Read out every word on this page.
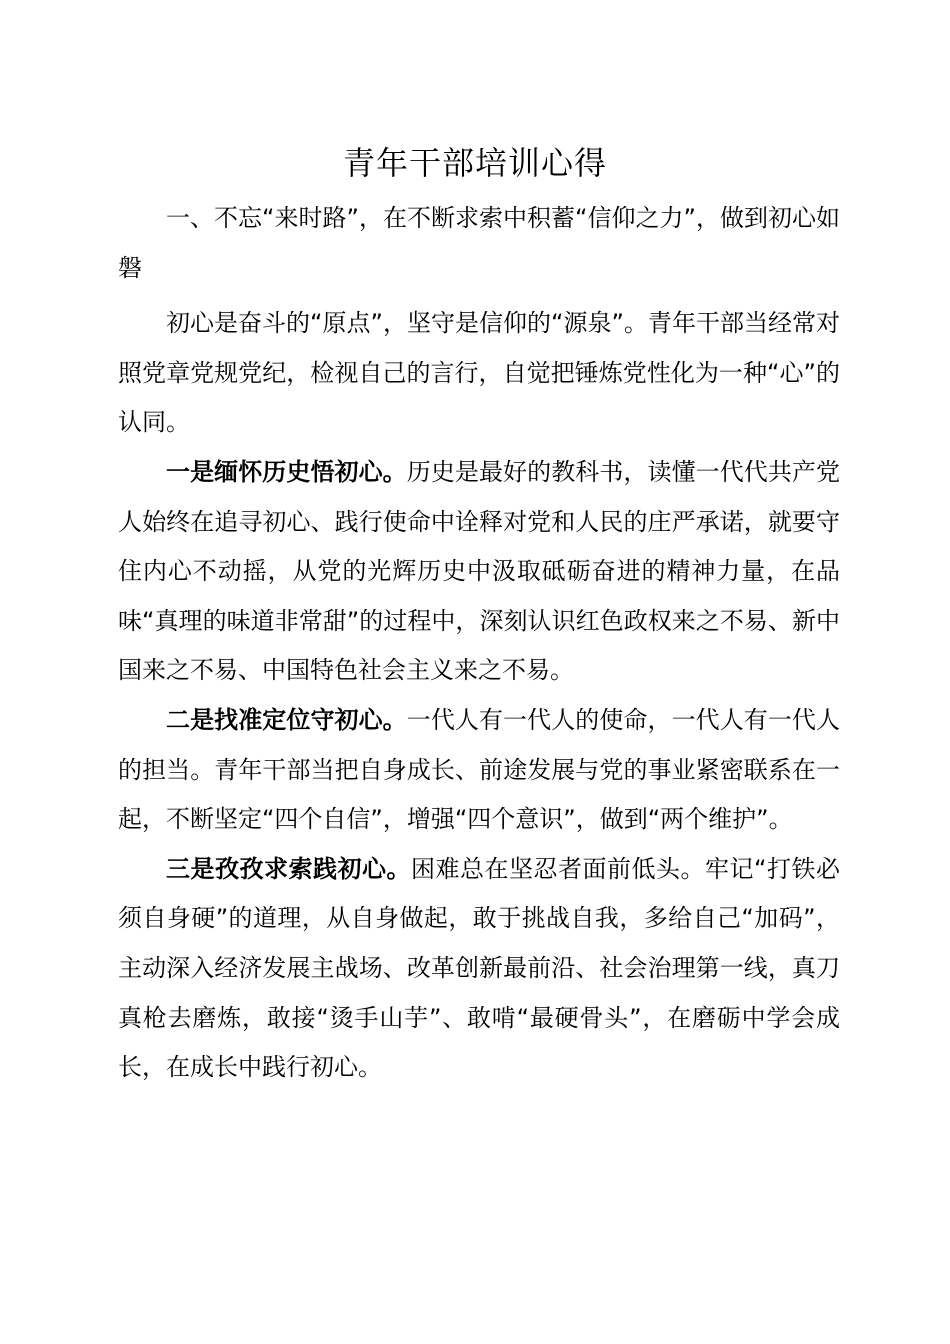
青年干部培训心得

一、不忘“来时路”，在不断求索中积蓄“信仰之力”，做到初心如磐

初心是奋斗的“原点”，坚守是信仰的“源泉”。青年干部当经常对照党章党规党纪，检视自己的言行，自觉把锤炼党性化为一种“心”的认同。

一是缅怀历史悟初心。历史是最好的教科书，读懂一代代共产党人始终在追寻初心、践行使命中诠释对党和人民的庄严承诺，就要守住内心不动摇，从党的光辉历史中汲取砥砺奋进的精神力量，在品味“真理的味道非常甜”的过程中，深刻认识红色政权来之不易、新中国来之不易、中国特色社会主义来之不易。

二是找准定位守初心。一代人有一代人的使命，一代人有一代人的担当。青年干部当把自身成长、前途发展与党的事业紧密联系在一起，不断坚定“四个自信”，增强“四个意识”，做到“两个维护”。

三是孜孜求索践初心。困难总在坚忍者面前低头。牢记“打铁必须自身硬”的道理，从自身做起，敢于挑战自我，多给自己“加码”，主动深入经济发展主战场、改革创新最前沿、社会治理第一线，真刀真枪去磨炼，敢接“烫手山芋”、敢啃“最硬骨头”，在磨砺中学会成长，在成长中践行初心。
